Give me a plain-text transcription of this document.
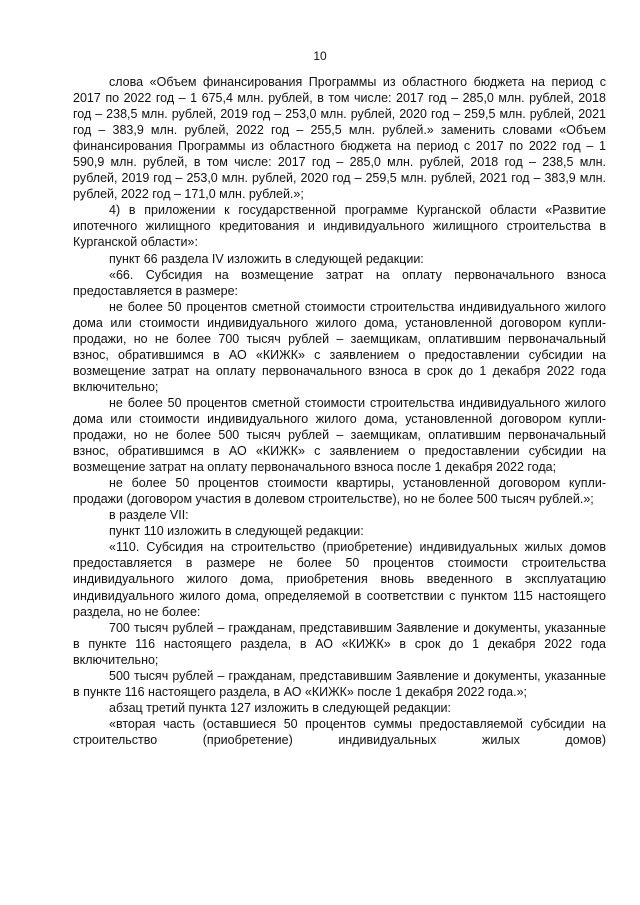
10

слова «Объем финансирования Программы из областного бюджета на период с 2017 по 2022 год – 1 675,4 млн. рублей, в том числе: 2017 год – 285,0 млн. рублей, 2018 год – 238,5 млн. рублей, 2019 год – 253,0 млн. рублей, 2020 год – 259,5 млн. рублей, 2021 год – 383,9 млн. рублей, 2022 год – 255,5 млн. рублей.» заменить словами «Объем финансирования Программы из областного бюджета на период с 2017 по 2022 год – 1 590,9 млн. рублей, в том числе: 2017 год – 285,0 млн. рублей, 2018 год – 238,5 млн. рублей, 2019 год – 253,0 млн. рублей, 2020 год – 259,5 млн. рублей, 2021 год – 383,9 млн. рублей, 2022 год – 171,0 млн. рублей.»;

4) в приложении к государственной программе Курганской области «Развитие ипотечного жилищного кредитования и индивидуального жилищного строительства в Курганской области»:

пункт 66 раздела IV изложить в следующей редакции:

«66. Субсидия на возмещение затрат на оплату первоначального взноса предоставляется в размере:

не более 50 процентов сметной стоимости строительства индивидуального жилого дома или стоимости индивидуального жилого дома, установленной договором купли-продажи, но не более 700 тысяч рублей – заемщикам, оплатившим первоначальный взнос, обратившимся в АО «КИЖК» с заявлением о предоставлении субсидии на возмещение затрат на оплату первоначального взноса в срок до 1 декабря 2022 года включительно;

не более 50 процентов сметной стоимости строительства индивидуального жилого дома или стоимости индивидуального жилого дома, установленной договором купли-продажи, но не более 500 тысяч рублей – заемщикам, оплатившим первоначальный взнос, обратившимся в АО «КИЖК» с заявлением о предоставлении субсидии на возмещение затрат на оплату первоначального взноса после 1 декабря 2022 года;

не более 50 процентов стоимости квартиры, установленной договором купли-продажи (договором участия в долевом строительстве), но не более 500 тысяч рублей.»;

в разделе VII:

пункт 110 изложить в следующей редакции:

«110. Субсидия на строительство (приобретение) индивидуальных жилых домов предоставляется в размере не более 50 процентов стоимости строительства индивидуального жилого дома, приобретения вновь введенного в эксплуатацию индивидуального жилого дома, определяемой в соответствии с пунктом 115 настоящего раздела, но не более:

700 тысяч рублей – гражданам, представившим Заявление и документы, указанные в пункте 116 настоящего раздела, в АО «КИЖК» в срок до 1 декабря 2022 года включительно;

500 тысяч рублей – гражданам, представившим Заявление и документы, указанные в пункте 116 настоящего раздела, в АО «КИЖК» после 1 декабря 2022 года.»;

абзац третий пункта 127 изложить в следующей редакции:

«вторая часть (оставшиеся 50 процентов суммы предоставляемой субсидии на строительство (приобретение) индивидуальных жилых домов)
